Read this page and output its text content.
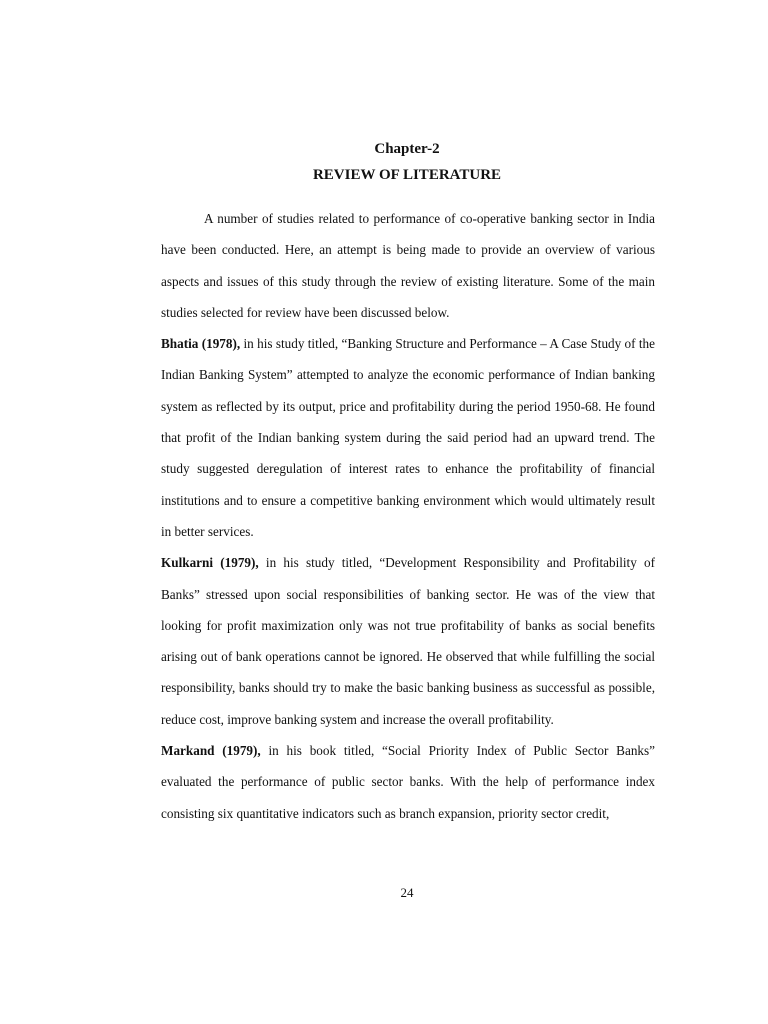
Chapter-2
REVIEW OF LITERATURE

A number of studies related to performance of co-operative banking sector in India have been conducted. Here, an attempt is being made to provide an overview of various aspects and issues of this study through the review of existing literature. Some of the main studies selected for review have been discussed below.

Bhatia (1978), in his study titled, “Banking Structure and Performance – A Case Study of the Indian Banking System” attempted to analyze the economic performance of Indian banking system as reflected by its output, price and profitability during the period 1950-68. He found that profit of the Indian banking system during the said period had an upward trend. The study suggested deregulation of interest rates to enhance the profitability of financial institutions and to ensure a competitive banking environment which would ultimately result in better services.

Kulkarni (1979), in his study titled, “Development Responsibility and Profitability of Banks” stressed upon social responsibilities of banking sector. He was of the view that looking for profit maximization only was not true profitability of banks as social benefits arising out of bank operations cannot be ignored. He observed that while fulfilling the social responsibility, banks should try to make the basic banking business as successful as possible, reduce cost, improve banking system and increase the overall profitability.

Markand (1979), in his book titled, “Social Priority Index of Public Sector Banks” evaluated the performance of public sector banks. With the help of performance index consisting six quantitative indicators such as branch expansion, priority sector credit,

24
